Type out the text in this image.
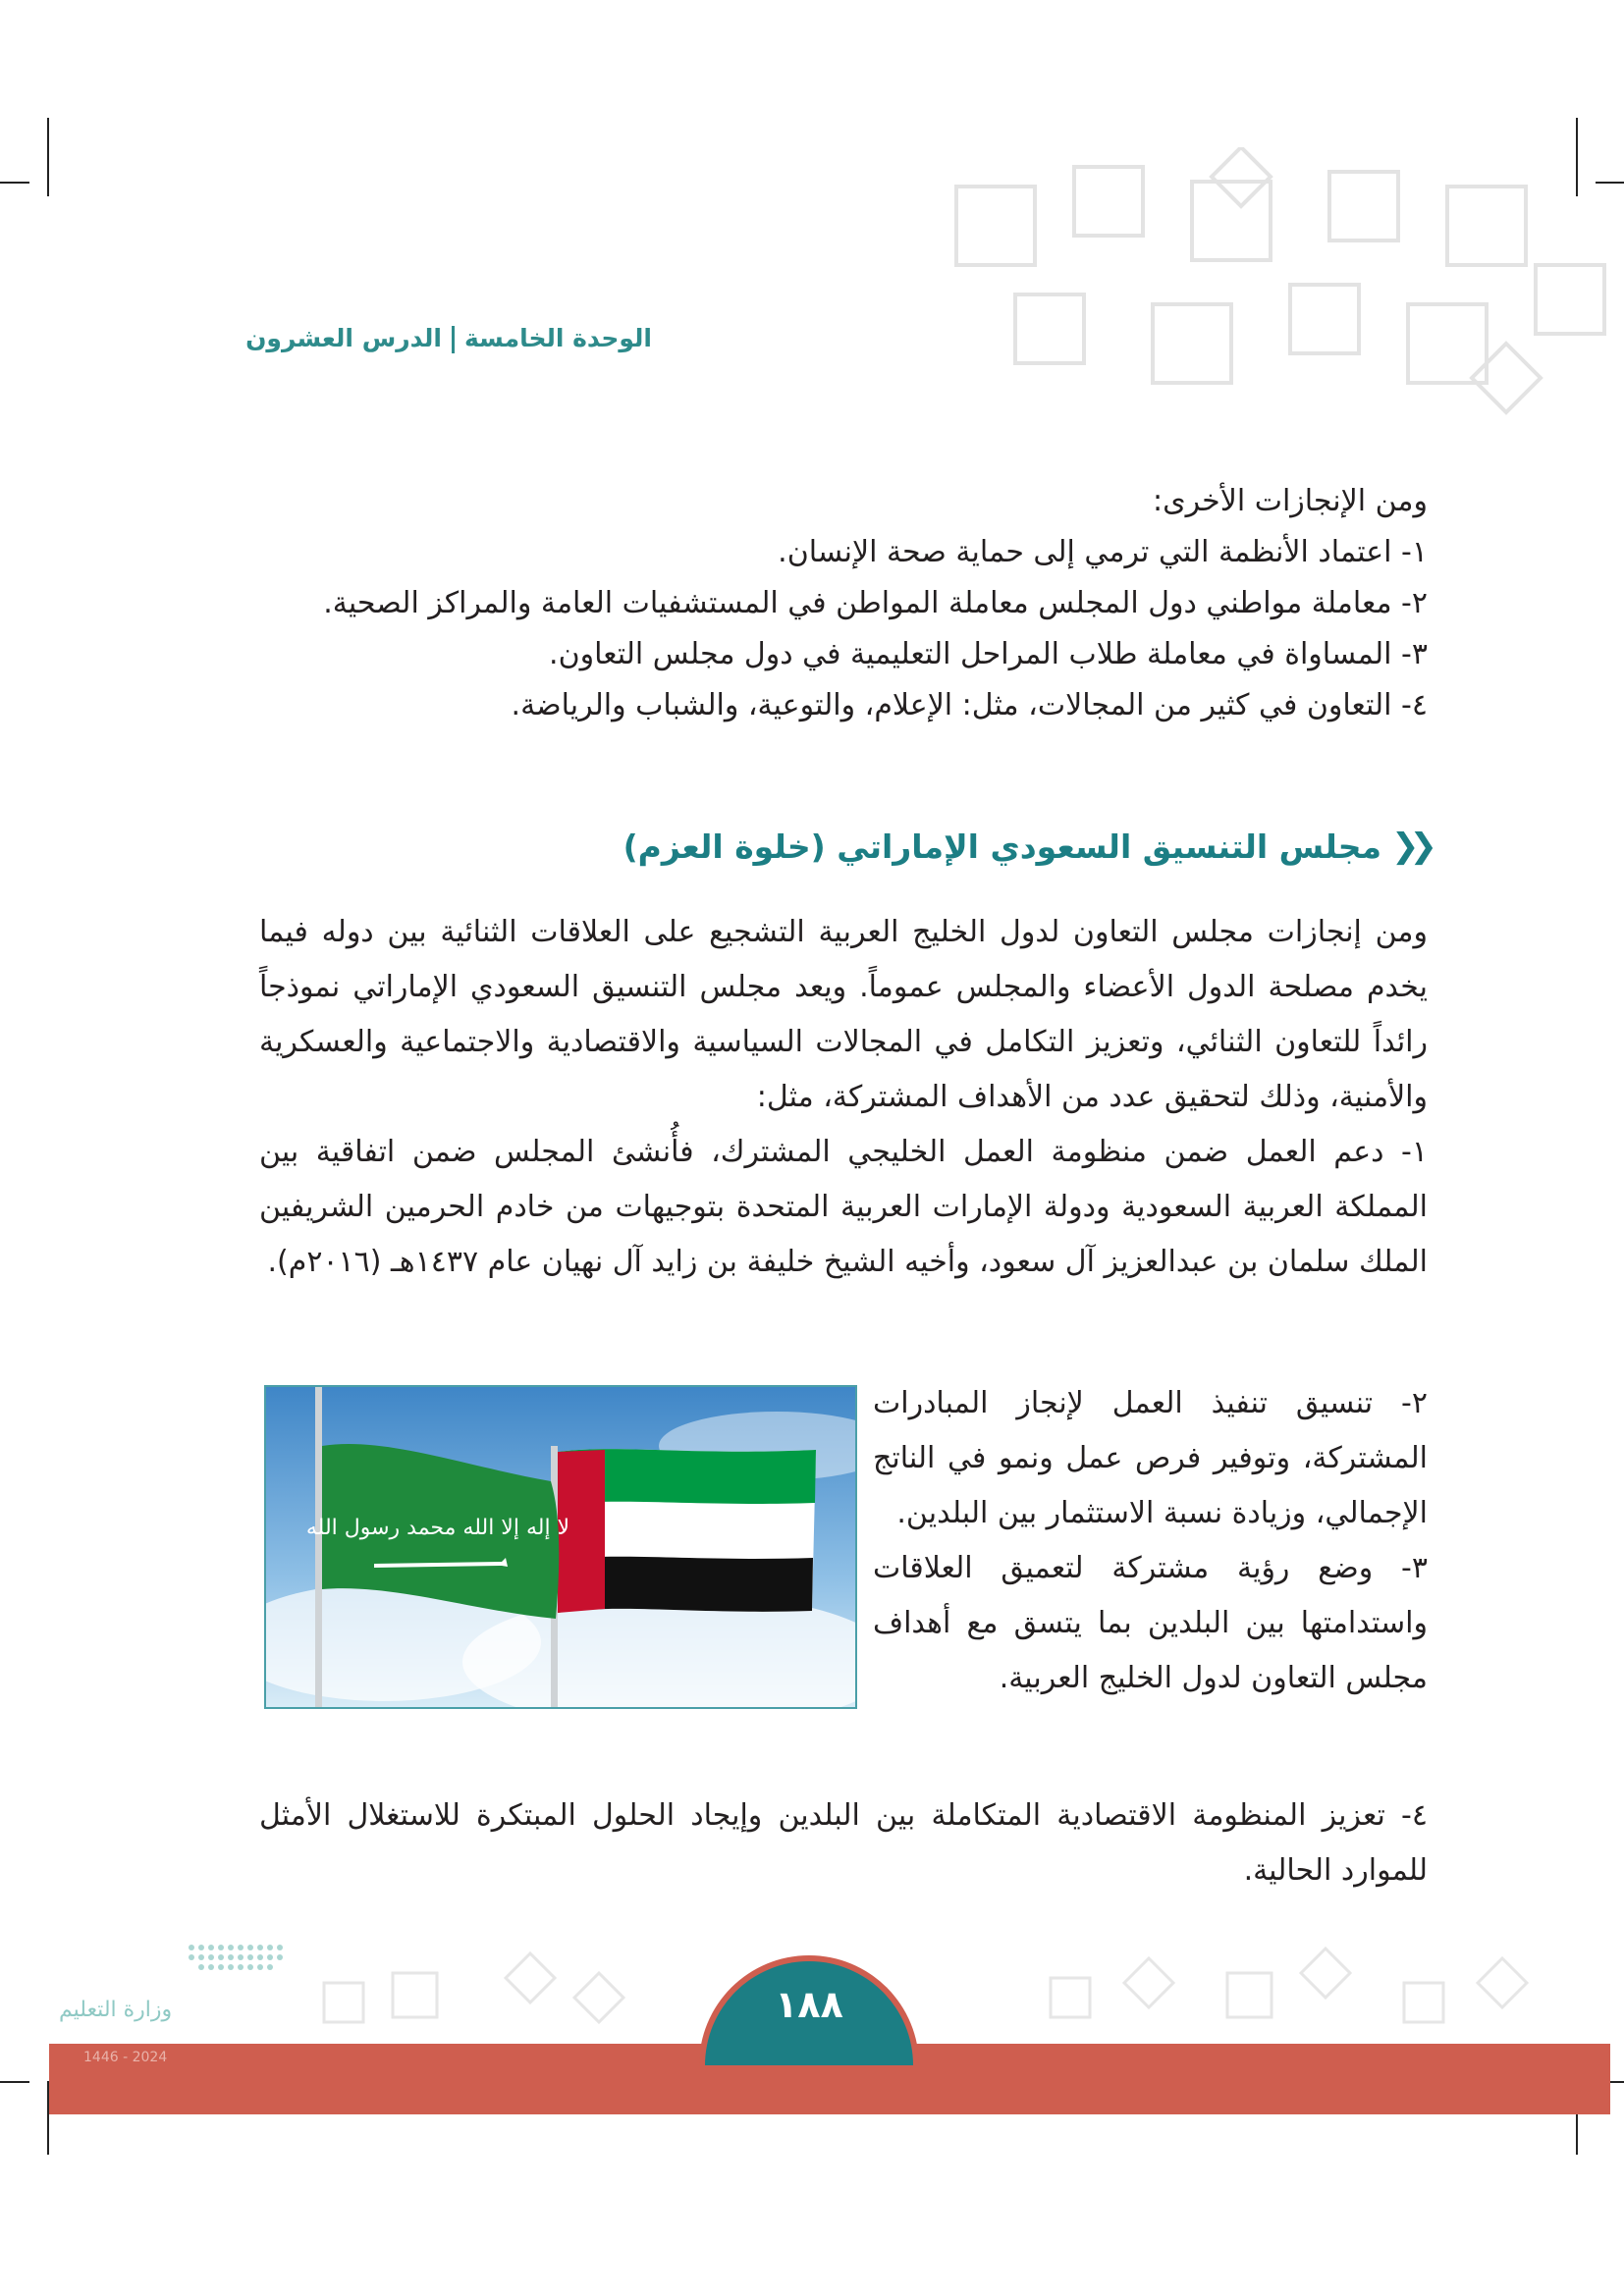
الوحدة الخامسةالدرس العشرون

ومن الإنجازات الأخرى:

١- اعتماد الأنظمة التي ترمي إلى حماية صحة الإنسان.

٢- معاملة مواطني دول المجلس معاملة المواطن في المستشفيات العامة والمراكز الصحية.

٣- المساواة في معاملة طلاب المراحل التعليمية في دول مجلس التعاون.

٤- التعاون في كثير من المجالات، مثل: الإعلام، والتوعية، والشباب والرياضة.

❮❮
مجلس التنسيق السعودي الإماراتي (خلوة العزم)

ومن إنجازات مجلس التعاون لدول الخليج العربية التشجيع على العلاقات الثنائية بين دوله فيما يخدم مصلحة الدول الأعضاء والمجلس عموماً. ويعد مجلس التنسيق السعودي الإماراتي نموذجاً رائداً للتعاون الثنائي، وتعزيز التكامل في المجالات السياسية والاقتصادية والاجتماعية والعسكرية والأمنية، وذلك لتحقيق عدد من الأهداف المشتركة، مثل:

١- دعم العمل ضمن منظومة العمل الخليجي المشترك، فأُنشئ المجلس ضمن اتفاقية بين المملكة العربية السعودية ودولة الإمارات العربية المتحدة بتوجيهات من خادم الحرمين الشريفين الملك سلمان بن عبدالعزيز آل سعود، وأخيه الشيخ خليفة بن زايد آل نهيان عام ١٤٣٧هـ (٢٠١٦م).

٢- تنسيق تنفيذ العمل لإنجاز المبادرات المشتركة، وتوفير فرص عمل ونمو في الناتج الإجمالي، وزيادة نسبة الاستثمار بين البلدين.

٣- وضع رؤية مشتركة لتعميق العلاقات واستدامتها بين البلدين بما يتسق مع أهداف مجلس التعاون لدول الخليج العربية.

لا إله إلا الله محمد رسول الله

٤- تعزيز المنظومة الاقتصادية المتكاملة بين البلدين وإيجاد الحلول المبتكرة للاستغلال الأمثل للموارد الحالية.

وزارة التعليم
2024 - 1446
١٨٨
